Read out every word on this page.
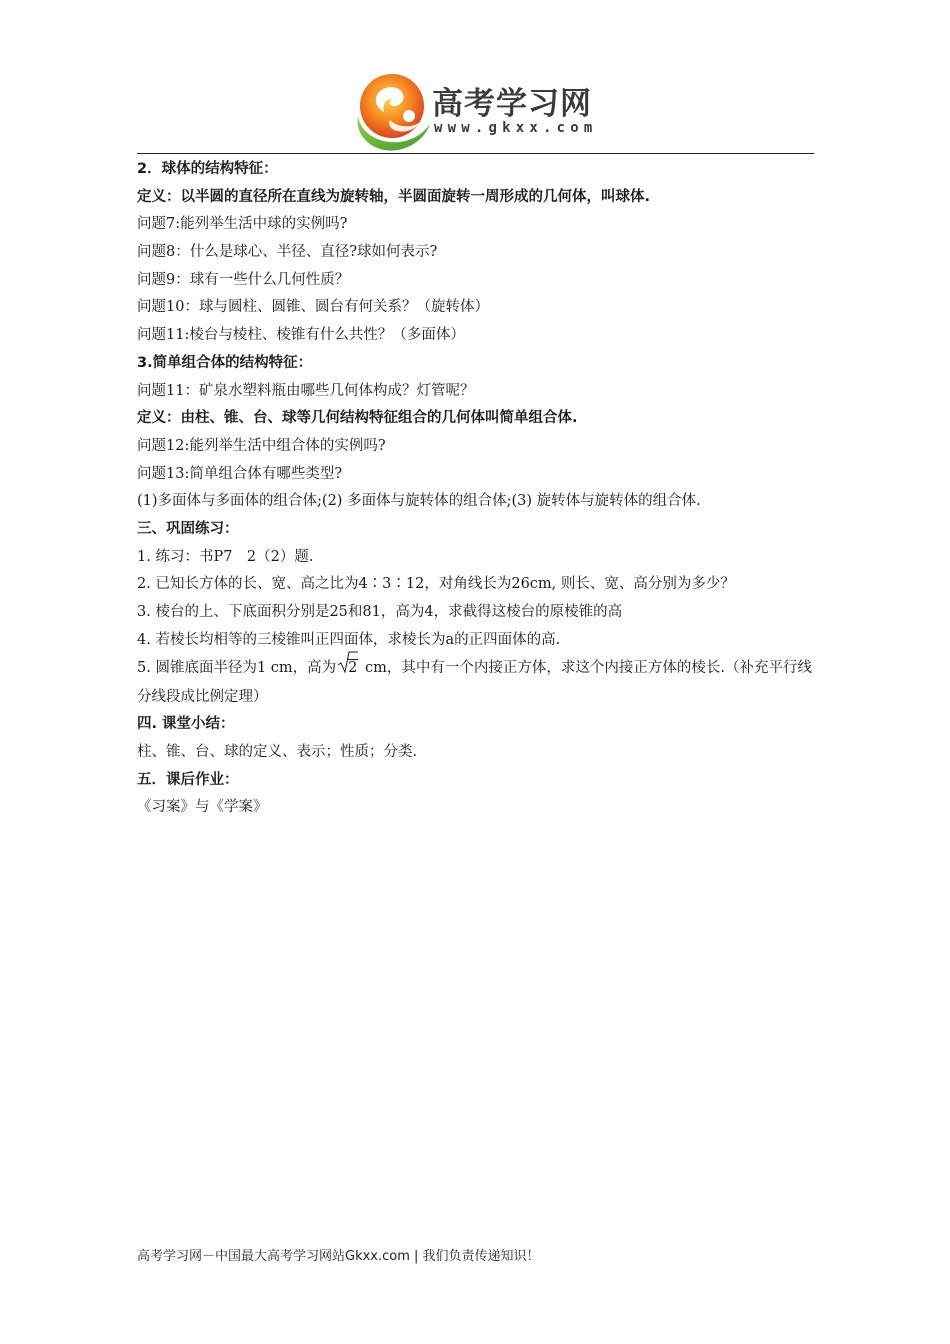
高考学习网
www.gkxx.com
2．球体的结构特征：
定义：以半圆的直径所在直线为旋转轴，半圆面旋转一周形成的几何体，叫球体.
问题7:能列举生活中球的实例吗?
问题8：什么是球心、半径、直径?球如何表示?
问题9：球有一些什么几何性质？
问题10：球与圆柱、圆锥、圆台有何关系？（旋转体）
问题11:棱台与棱柱、棱锥有什么共性？（多面体）
3.简单组合体的结构特征：
问题11：矿泉水塑料瓶由哪些几何体构成？灯管呢？
定义：由柱、锥、台、球等几何结构特征组合的几何体叫简单组合体.
问题12:能列举生活中组合体的实例吗?
问题13:简单组合体有哪些类型?
(1)多面体与多面体的组合体;(2) 多面体与旋转体的组合体;(3) 旋转体与旋转体的组合体.
三、巩固练习：
1. 练习：书P7　2（2）题.
2. 已知长方体的长、宽、高之比为4∶3∶12，对角线长为26cm, 则长、宽、高分别为多少？
3. 棱台的上、下底面积分别是25和81，高为4，求截得这棱台的原棱锥的高
4. 若棱长均相等的三棱锥叫正四面体，求棱长为a的正四面体的高.
5. 圆锥底面半径为1 cm，高为 2 cm，其中有一个内接正方体，求这个内接正方体的棱长.（补充平行线分线段成比例定理）
四. 课堂小结：
柱、锥、台、球的定义、表示；性质；分类.
五．课后作业：
《习案》与《学案》
高考学习网－中国最大高考学习网站Gkxx.com | 我们负责传递知识！
